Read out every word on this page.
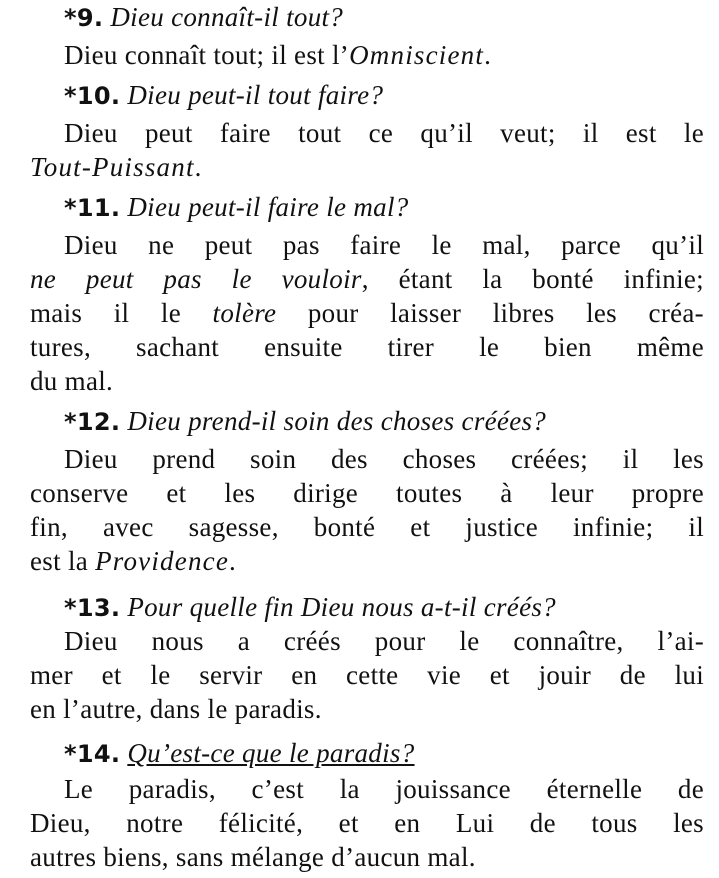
*9. Dieu connaît-il tout?
Dieu connaît tout; il est l’Omniscient.
*10. Dieu peut-il tout faire?
Dieu peut faire tout ce qu’il veut; il est le
Tout-Puissant.
*11. Dieu peut-il faire le mal?
Dieu ne peut pas faire le mal, parce qu’il
ne peut pas le vouloir, étant la bonté infinie;
mais il le tolère pour laisser libres les créa-
tures, sachant ensuite tirer le bien même
du mal.
*12. Dieu prend-il soin des choses créées?
Dieu prend soin des choses créées; il les
conserve et les dirige toutes à leur propre
fin, avec sagesse, bonté et justice infinie; il
est la Providence.
*13. Pour quelle fin Dieu nous a-t-il créés?
Dieu nous a créés pour le connaître, l’ai-
mer et le servir en cette vie et jouir de lui
en l’autre, dans le paradis.
*14. Qu’est-ce que le paradis?
Le paradis, c’est la jouissance éternelle de
Dieu, notre félicité, et en Lui de tous les
autres biens, sans mélange d’aucun mal.
